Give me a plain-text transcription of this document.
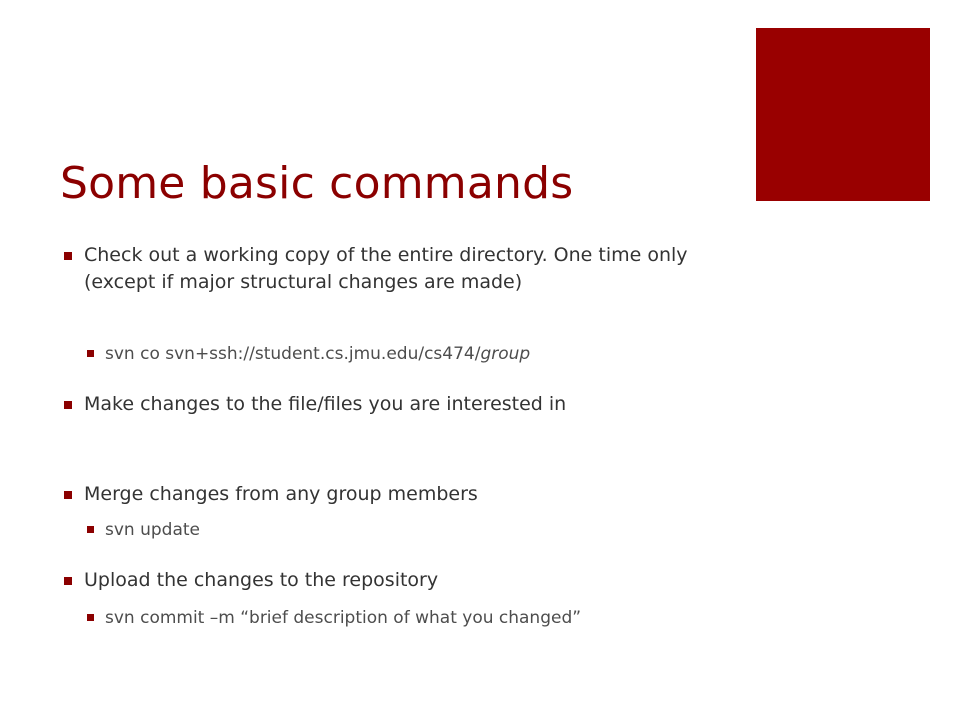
Some basic commands
Check out a working copy of the entire directory. One time only (except if major structural changes are made)
svn co svn+ssh://student.cs.jmu.edu/cs474/group
Make changes to the file/files you are interested in
Merge changes from any group members
svn update
Upload the changes to the repository
svn commit –m “brief description of what you changed”
